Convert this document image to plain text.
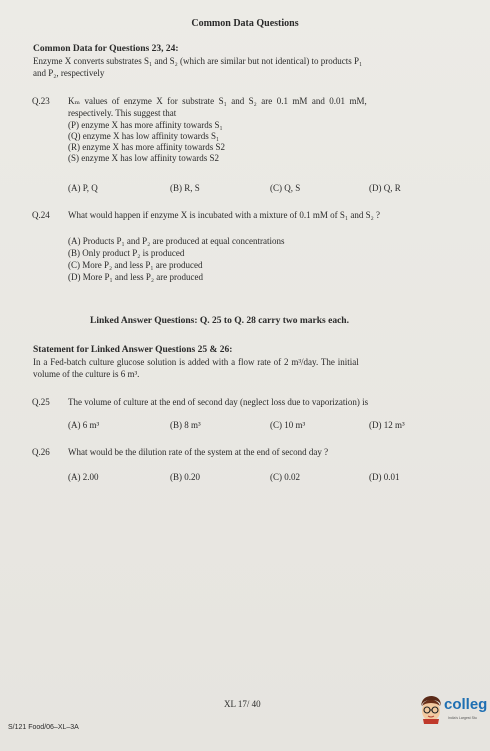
Common Data Questions
Common Data for Questions 23, 24:
Enzyme X converts substrates S₁ and S₂ (which are similar but not identical) to products P₁
and P₂, respectively
Q.23 Kₘ values of enzyme X for substrate S₁ and S₂ are 0.1 mM and 0.01 mM,
respectively. This suggest that
(P) enzyme X has more affinity towards S₁
(Q) enzyme X has low affinity towards S₁
(R) enzyme X has more affinity towards S2
(S) enzyme X has low affinity towards S2
(A) P, Q	(B) R, S	(C) Q, S	(D) Q, R
Q.24 What would happen if enzyme X is incubated with a mixture of 0.1 mM of S₁ and S₂ ?
(A) Products P₁ and P₂ are produced at equal concentrations
(B) Only product P₂ is produced
(C) More P₂ and less P₁ are produced
(D) More P₁ and less P₂ are produced
Linked Answer Questions: Q. 25 to Q. 28 carry two marks each.
Statement for Linked Answer Questions 25 & 26:
In a Fed-batch culture glucose solution is added with a flow rate of 2 m³/day. The initial
volume of the culture is 6 m³.
Q.25 The volume of culture at the end of second day (neglect loss due to vaporization) is
(A) 6 m³	(B) 8 m³	(C) 10 m³	(D) 12 m³
Q.26 What would be the dilution rate of the system at the end of second day ?
(A) 2.00	(B) 0.20	(C) 0.02	(D) 0.01
XL 17/ 40
S/121 Food/06–XL–3A
colleg
India's Largest Stu
